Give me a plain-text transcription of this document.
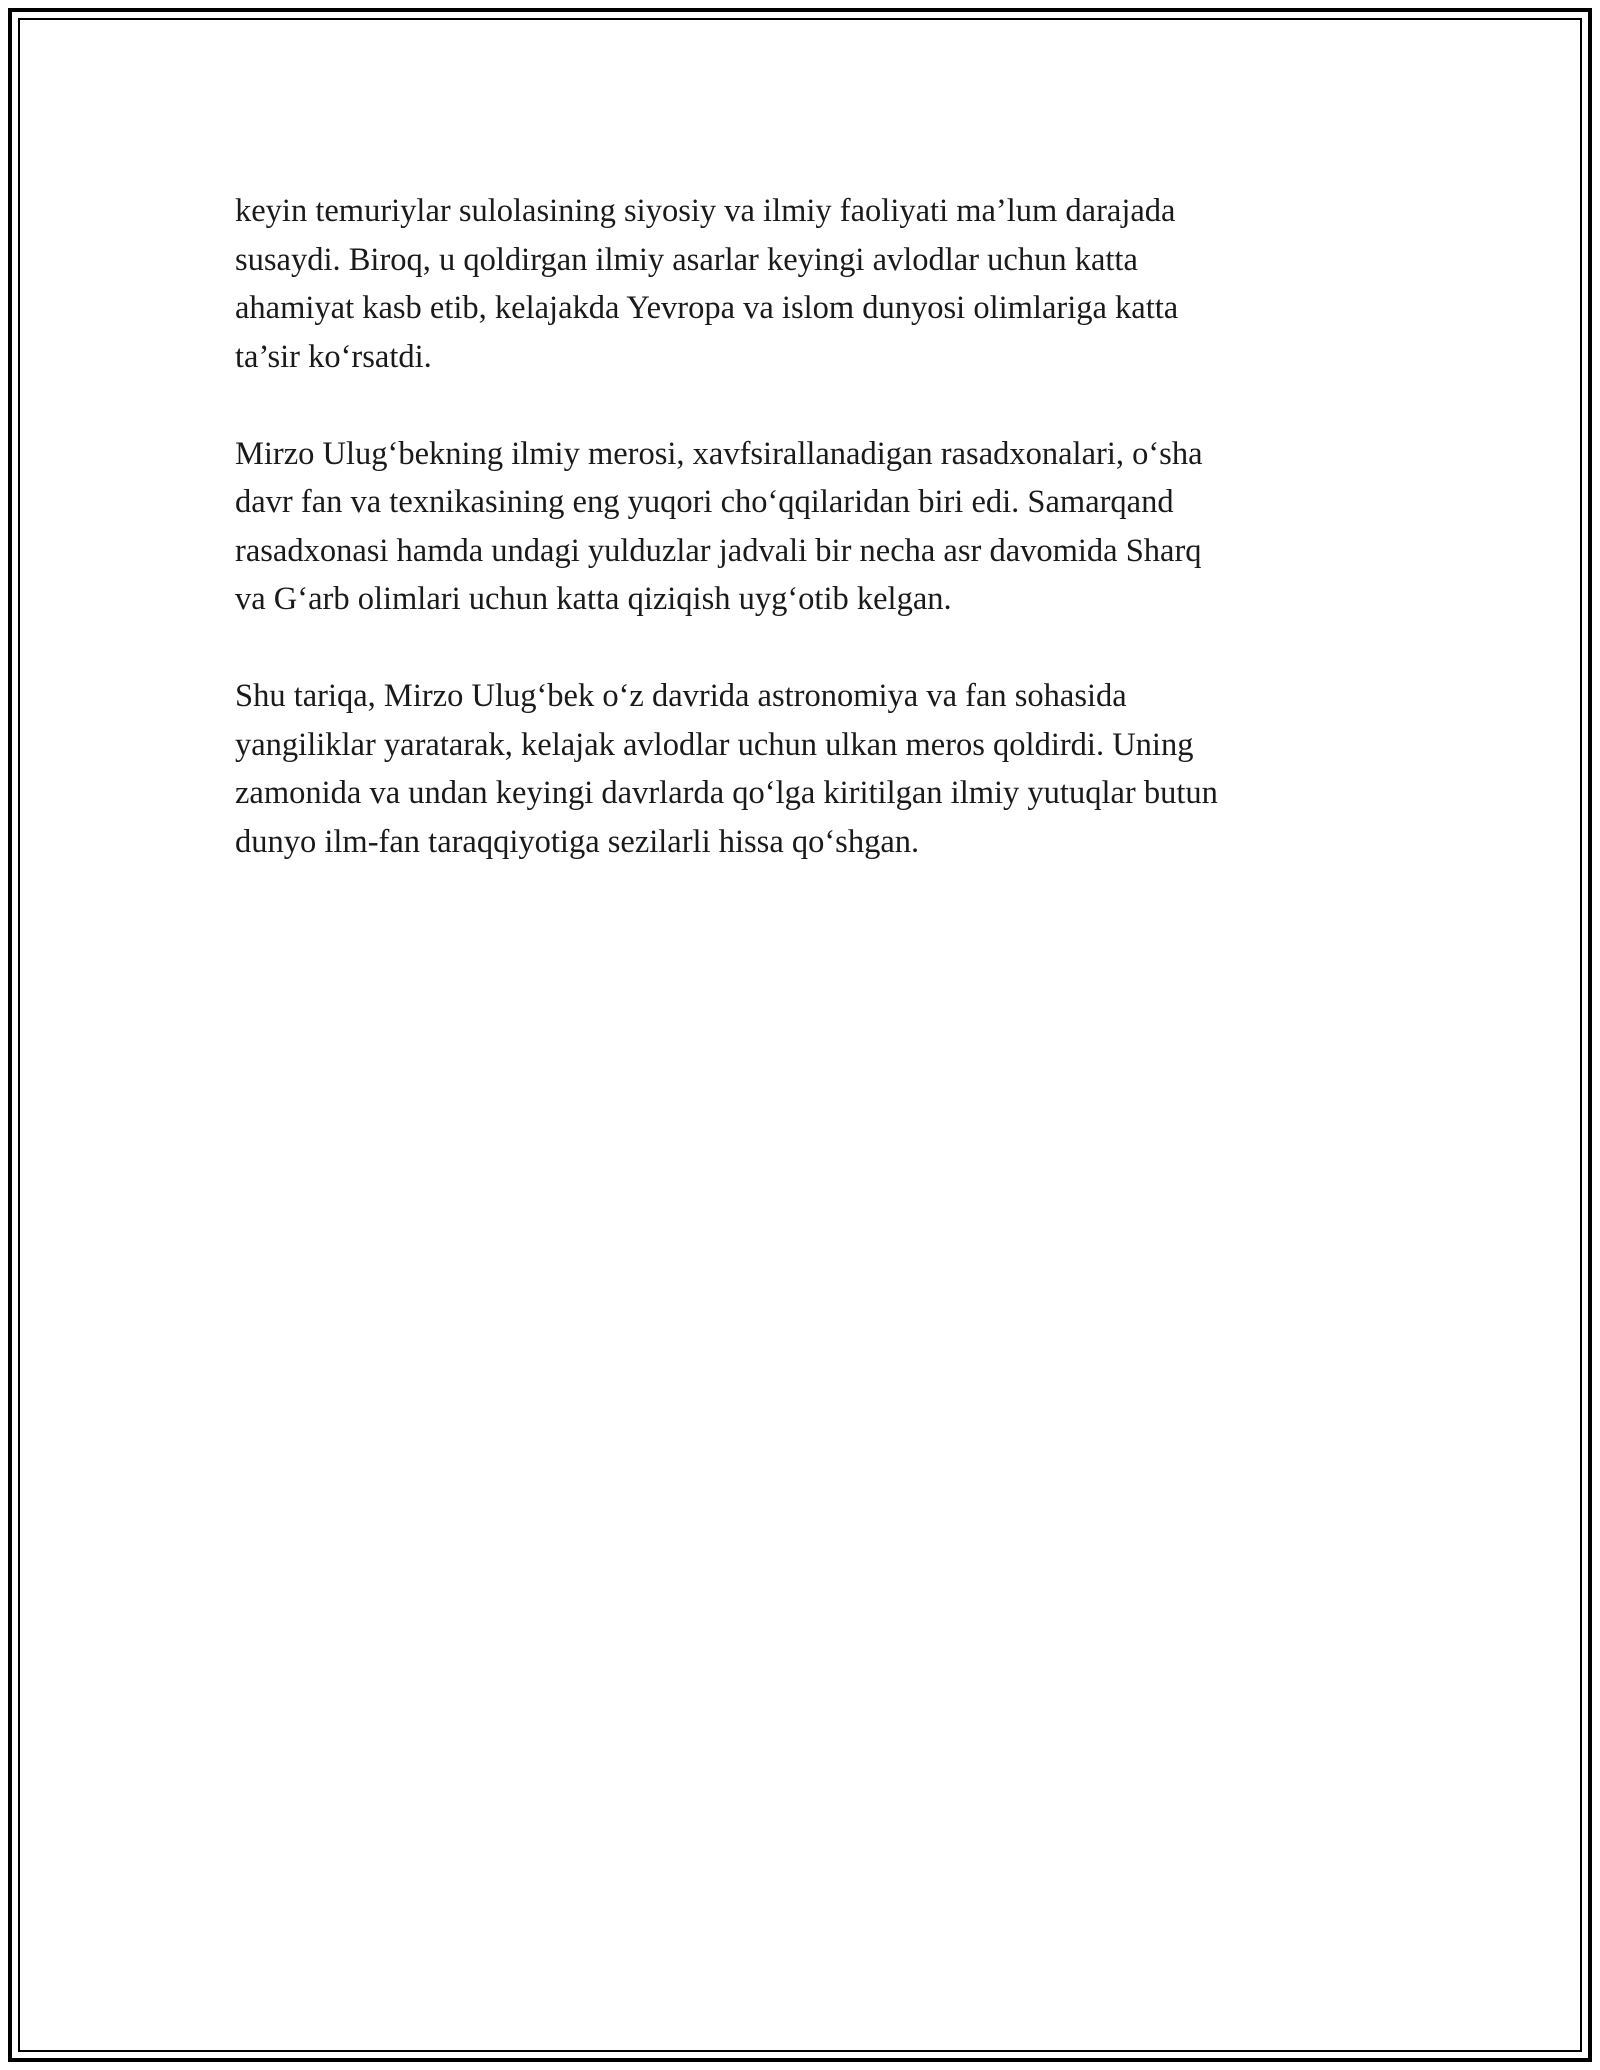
keyin temuriylar sulolasining siyosiy va ilmiy faoliyati ma’lum darajada
susaydi. Biroq, u qoldirgan ilmiy asarlar keyingi avlodlar uchun katta
ahamiyat kasb etib, kelajakda Yevropa va islom dunyosi olimlariga katta
ta’sir ko‘rsatdi.

Mirzo Ulug‘bekning ilmiy merosi, xavfsirallanadigan rasadxonalari, o‘sha
davr fan va texnikasining eng yuqori cho‘qqilaridan biri edi. Samarqand
rasadxonasi hamda undagi yulduzlar jadvali bir necha asr davomida Sharq
va G‘arb olimlari uchun katta qiziqish uyg‘otib kelgan.

Shu tariqa, Mirzo Ulug‘bek o‘z davrida astronomiya va fan sohasida
yangiliklar yaratarak, kelajak avlodlar uchun ulkan meros qoldirdi. Uning
zamonida va undan keyingi davrlarda qo‘lga kiritilgan ilmiy yutuqlar butun
dunyo ilm-fan taraqqiyotiga sezilarli hissa qo‘shgan.
